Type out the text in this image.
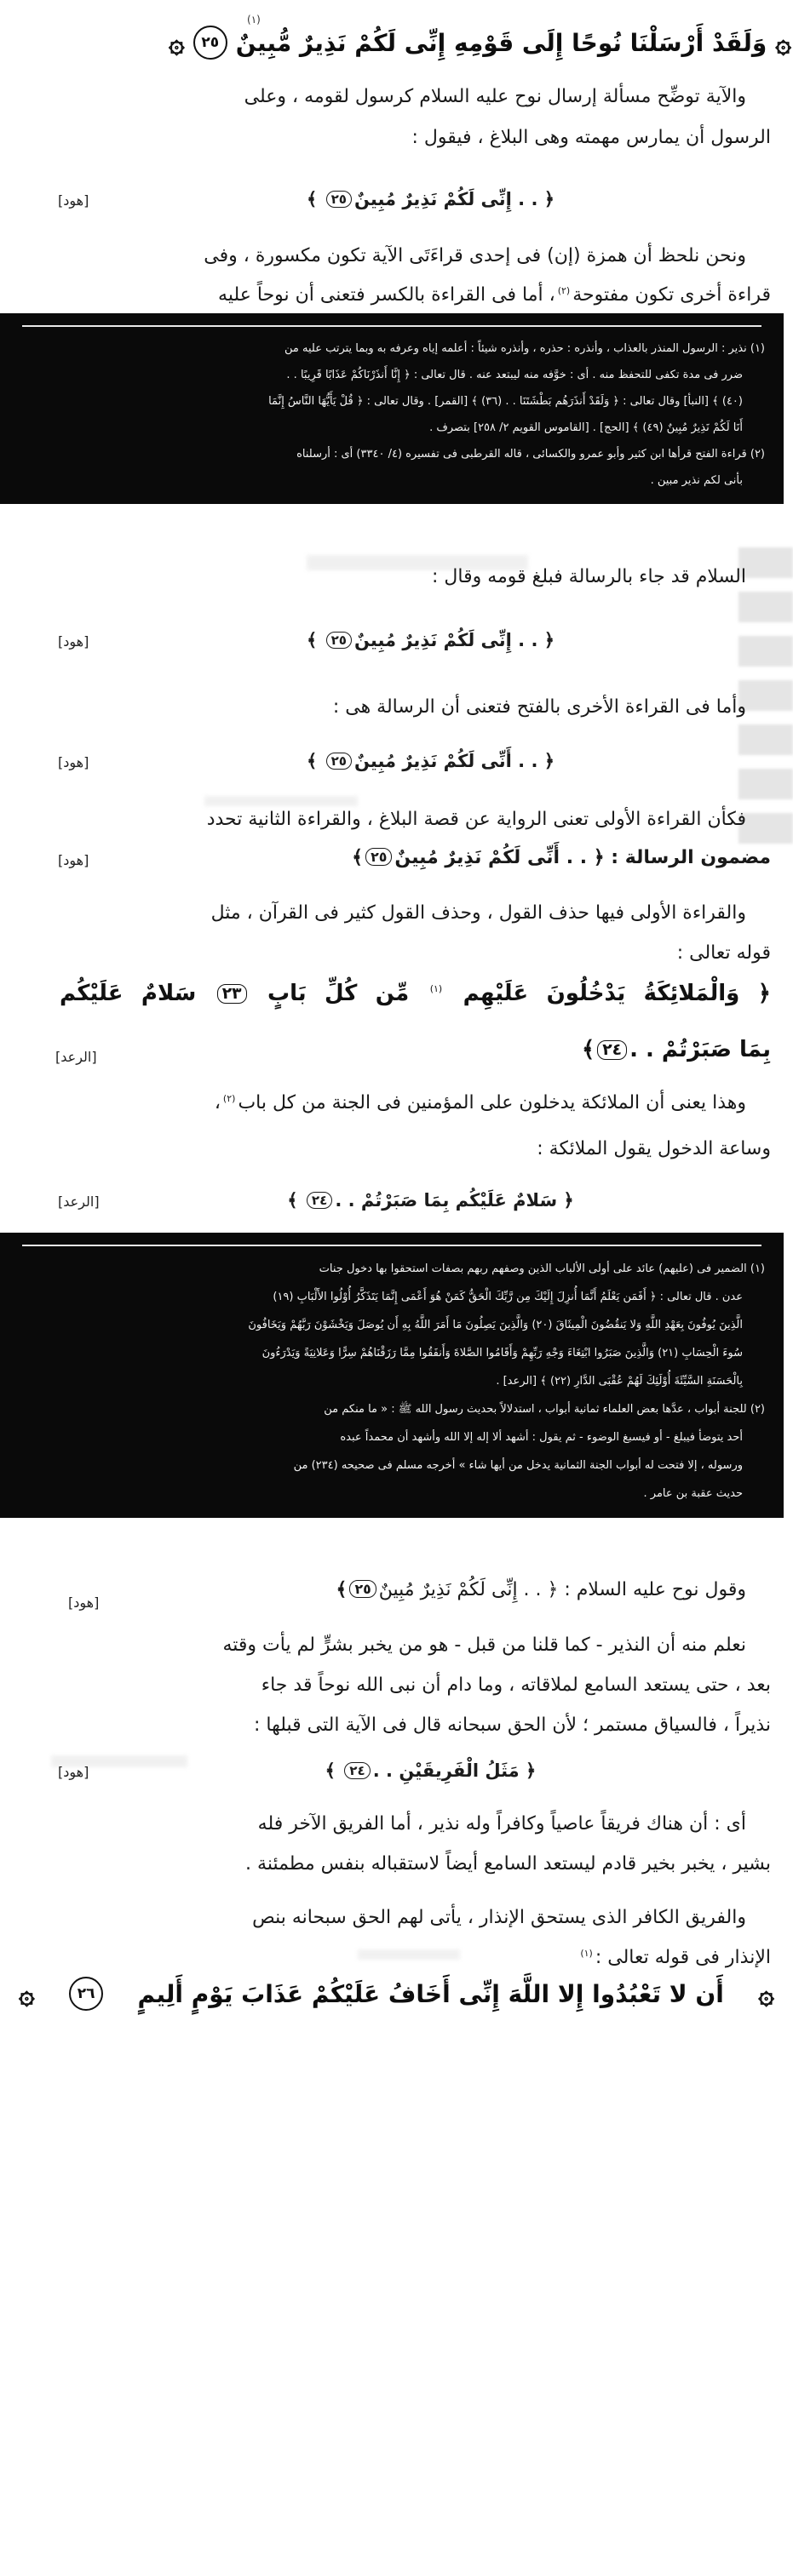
(١)
۞
وَلَقَدْ أَرْسَلْنَا نُوحًا إِلَى قَوْمِهِ إِنِّى لَكُمْ نَذِيرٌ مُّبِينٌ
٢٥
۞
والآية توضِّح مسألة إرسال نوح عليه السلام كرسول لقومه ، وعلى
الرسول أن يمارس مهمته وهى البلاغ ، فيقول :
﴿ . . إِنِّى لَكُمْ نَذِيرٌ مُبِينٌ٢٥ ﴾
[هود]
ونحن نلحظ أن همزة (إن) فى إحدى قراءَتَى الآية تكون مكسورة ، وفى
قراءة أخرى تكون مفتوحة$^{(٢)}$، أما فى القراءة بالكسر فتعنى أن نوحاً عليه
(١) نذير : الرسول المنذر بالعذاب ، وأنذره : حذره ، وأنذره شيئاً : أعلمه إياه وعرفه به وبما يترتب عليه من
ضرر فى مدة تكفى للتحفظ منه . أى : خوَّفه منه ليبتعد عنه . قال تعالى : ﴿ إِنَّا أَنذَرْنَاكُمْ عَذَابًا قَرِيبًا . .
(٤٠) ﴾ [النبأ] وقال تعالى : ﴿ وَلَقَدْ أَنذَرَهُم بَطْشَتَنَا . . (٣٦) ﴾ [القمر] . وقال تعالى : ﴿ قُلْ يَأَيُّهَا النَّاسُ إِنَّمَا
أَنَا لَكُمْ نَذِيرٌ مُبِينٌ (٤٩) ﴾ [الحج] . [القاموس القويم ٢/ ٢٥٨] بتصرف .
(٢) قراءة الفتح قرأها ابن كثير وأبو عمرو والكسائى ، قاله القرطبى فى تفسيره (٤/ ٣٣٤٠) أى : أرسلناه
بأنى لكم نذير مبين .
السلام قد جاء بالرسالة فبلغ قومه وقال :
﴿ . . إِنِّى لَكُمْ نَذِيرٌ مُبِينٌ٢٥ ﴾
[هود]
وأما فى القراءة الأخرى بالفتح فتعنى أن الرسالة هى :
﴿ . . أَنِّى لَكُمْ نَذِيرٌ مُبِينٌ٢٥ ﴾
[هود]
فكأن القراءة الأولى تعنى الرواية عن قصة البلاغ ، والقراءة الثانية تحدد
مضمون الرسالة : ﴿ . . أَنِّى لَكُمْ نَذِيرٌ مُبِينٌ٢٥﴾
[هود]
والقراءة الأولى فيها حذف القول ، وحذف القول كثير فى القرآن ، مثل
قوله تعالى :
﴿ وَالْمَلائِكَةُ يَدْخُلُونَ عَلَيْهِم $^{(١)}$ مِّن كُلِّ بَابٍ ٢٣ سَلامٌ عَلَيْكُم
بِمَا صَبَرْتُمْ . .٢٤﴾
[الرعد]
وهذا يعنى أن الملائكة يدخلون على المؤمنين فى الجنة من كل باب$^{(٢)}$،
وساعة الدخول يقول الملائكة :
﴿ سَلامٌ عَلَيْكُم بِمَا صَبَرْتُمْ . .٢٤ ﴾
[الرعد]
(١) الضمير فى (عليهم) عائد على أولى الألباب الذين وصفهم ربهم بصفات استحقوا بها دخول جنات
عدن . قال تعالى : ﴿ أَفَمَن يَعْلَمُ أَنَّمَا أُنزِلَ إِلَيْكَ مِن رَّبِّكَ الْحَقُّ كَمَنْ هُوَ أَعْمَى إِنَّمَا يَتَذَكَّرُ أُوْلُوا الأَلْبَابِ (١٩)
الَّذِينَ يُوفُونَ بِعَهْدِ اللَّهِ وَلا يَنقُضُونَ الْمِيثَاقَ (٢٠) وَالَّذِينَ يَصِلُونَ مَا أَمَرَ اللَّهُ بِهِ أَن يُوصَلَ وَيَخْشَوْنَ رَبَّهُمْ وَيَخَافُونَ
سُوءَ الْحِسَابِ (٢١) وَالَّذِينَ صَبَرُوا ابْتِغَاءَ وَجْهِ رَبِّهِمْ وَأَقَامُوا الصَّلاةَ وَأَنفَقُوا مِمَّا رَزَقْنَاهُمْ سِرًّا وَعَلانِيَةً وَيَدْرَءُونَ
بِالْحَسَنَةِ السَّيِّئَةَ أُوْلَئِكَ لَهُمْ عُقْبَى الدَّارِ (٢٢) ﴾ [الرعد] .
(٢) للجنة أبواب ، عدَّها بعض العلماء ثمانية أبواب ، استدلالاً بحديث رسول الله ﷺ : « ما منكم من
أحد يتوضأ فيبلغ - أو فيسبغ الوضوء - ثم يقول : أشهد ألا إله إلا الله وأشهد أن محمداً عبده
ورسوله ، إلا فتحت له أبواب الجنة الثمانية يدخل من أيها شاء » أخرجه مسلم فى صحيحه (٢٣٤) من
حديث عقبة بن عامر .
وقول نوح عليه السلام : ﴿ . . إِنِّى لَكُمْ نَذِيرٌ مُبِينٌ٢٥﴾
[هود]
نعلم منه أن النذير - كما قلنا من قبل - هو من يخبر بشرٍّ لم يأت وقته
بعد ، حتى يستعد السامع لملاقاته ، وما دام أن نبى الله نوحاً قد جاء
نذيراً ، فالسياق مستمر ؛ لأن الحق سبحانه قال فى الآية التى قبلها :
﴿ مَثَلُ الْفَرِيقَيْنِ . .٢٤ ﴾
[هود]
أى : أن هناك فريقاً عاصياً وكافراً وله نذير ، أما الفريق الآخر فله
بشير ، يخبر بخير قادم ليستعد السامع أيضاً لاستقباله بنفس مطمئنة .
والفريق الكافر الذى يستحق الإنذار ، يأتى لهم الحق سبحانه بنص
الإنذار فى قوله تعالى :$^{(١)}$
۞
أَن لا تَعْبُدُوا إِلا اللَّهَ إِنِّى أَخَافُ عَلَيْكُمْ عَذَابَ يَوْمٍ أَلِيمٍ
٢٦
۞
